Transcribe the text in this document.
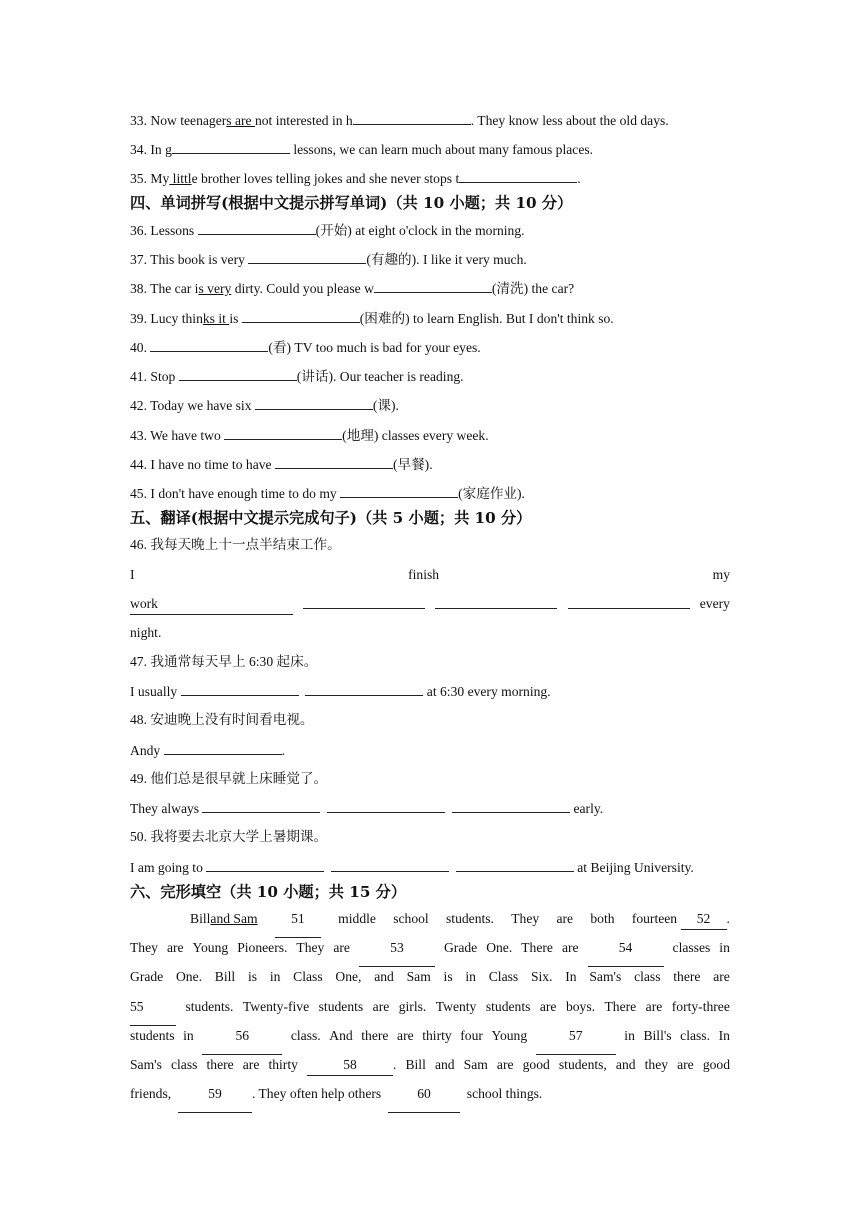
33. Now teenagers are not interested in h	. They know less about the old days.
34. In g	lessons, we can learn much about many famous places.
35. My little brother loves telling jokes and she never stops t	.
四、单词拼写(根据中文提示拼写单词)（共 10 小题；共 10 分）
36. Lessons	(开始) at eight o'clock in the morning.
37. This book is very	(有趣的). I like it very much.
38. The car is very dirty. Could you please w	(清洗) the car?
39. Lucy thinks it is	(困难的) to learn English. But I don't think so.
40.	(看) TV too much is bad for your eyes.
41. Stop	(讲话). Our teacher is reading.
42. Today we have six	(课).
43. We have two	(地理) classes every week.
44. I have no time to have	(早餐).
45. I don't have enough time to do my	(家庭作业).
五、翻译(根据中文提示完成句子)（共 5 小题；共 10 分）
46. 我每天晚上十一点半结束工作。
I	finish	my
work	every
night.
47. 我通常每天早上 6:30 起床。
I usually	at 6:30 every morning.
48. 安迪晚上没有时间看电视。
Andy	.
49. 他们总是很早就上床睡觉了。
They always	early.
50. 我将要去北京大学上暑期课。
I am going to	at Beijing University.
六、完形填空（共 10 小题；共 15 分）
Billand Sam	51	middle school students. They are both fourteen 52 .
They are Young Pioneers. They are	53	Grade One. There are	54	classes in
Grade One. Bill is in Class One, and Sam is in Class Six. In Sam's class there are
55	students. Twenty-five students are girls. Twenty students are boys. There are forty-three
students in	56	class. And there are thirty four Young	57	in Bill's class. In
Sam's class there are thirty	58	. Bill and Sam are good students, and they are good
friends,
	59	. They often help others
	60
	school things.
